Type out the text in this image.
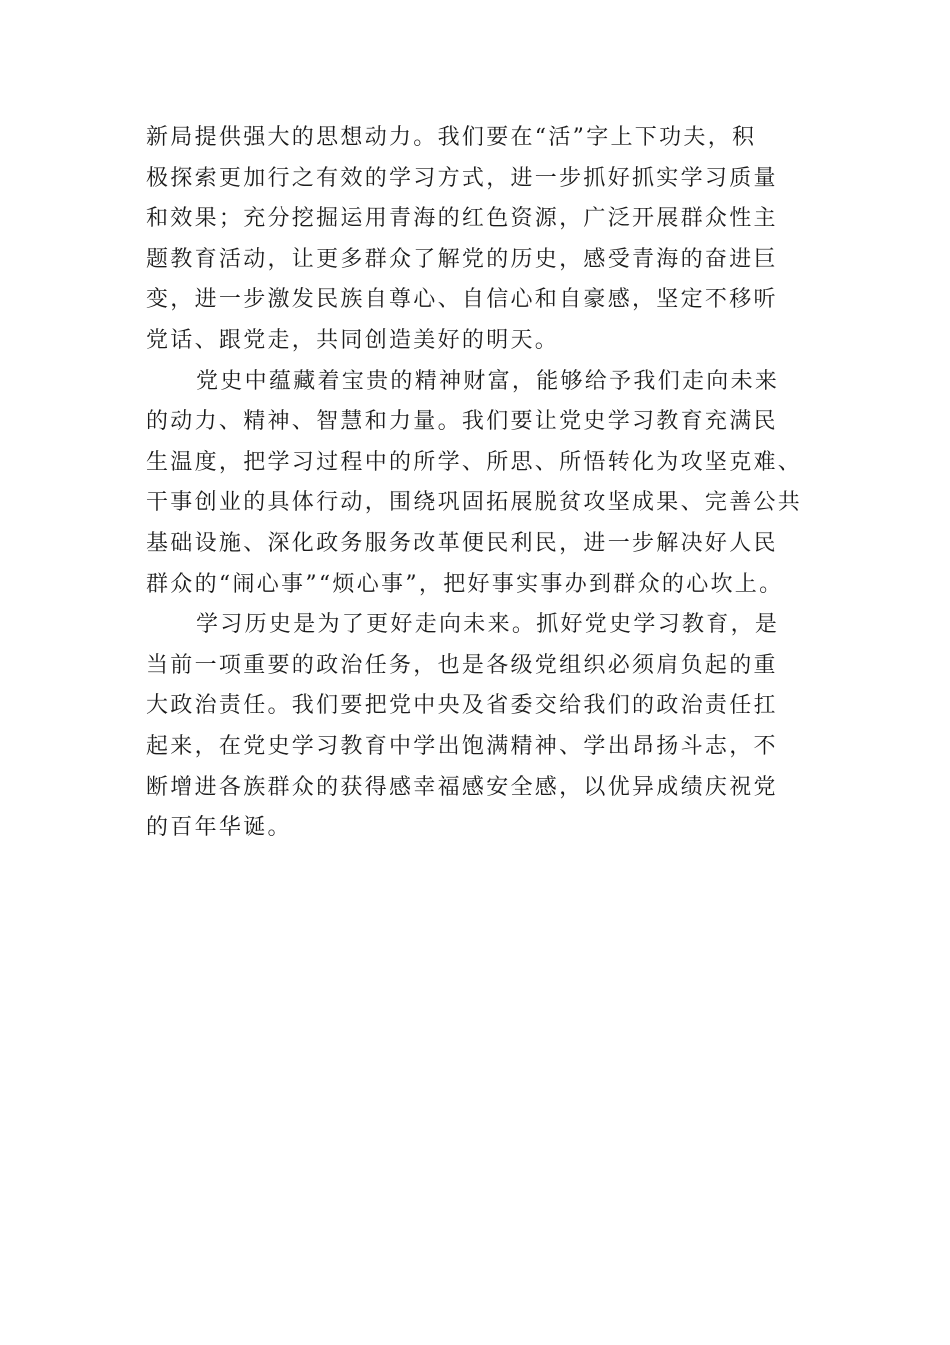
新局提供强大的思想动力。我们要在“活”字上下功夫，积
极探索更加行之有效的学习方式，进一步抓好抓实学习质量
和效果；充分挖掘运用青海的红色资源，广泛开展群众性主
题教育活动，让更多群众了解党的历史，感受青海的奋进巨
变，进一步激发民族自尊心、自信心和自豪感，坚定不移听
党话、跟党走，共同创造美好的明天。

党史中蕴藏着宝贵的精神财富，能够给予我们走向未来
的动力、精神、智慧和力量。我们要让党史学习教育充满民
生温度，把学习过程中的所学、所思、所悟转化为攻坚克难、
干事创业的具体行动，围绕巩固拓展脱贫攻坚成果、完善公共
基础设施、深化政务服务改革便民利民，进一步解决好人民
群众的“闹心事”“烦心事”，把好事实事办到群众的心坎上。

学习历史是为了更好走向未来。抓好党史学习教育，是
当前一项重要的政治任务，也是各级党组织必须肩负起的重
大政治责任。我们要把党中央及省委交给我们的政治责任扛
起来，在党史学习教育中学出饱满精神、学出昂扬斗志，不
断增进各族群众的获得感幸福感安全感，以优异成绩庆祝党
的百年华诞。
